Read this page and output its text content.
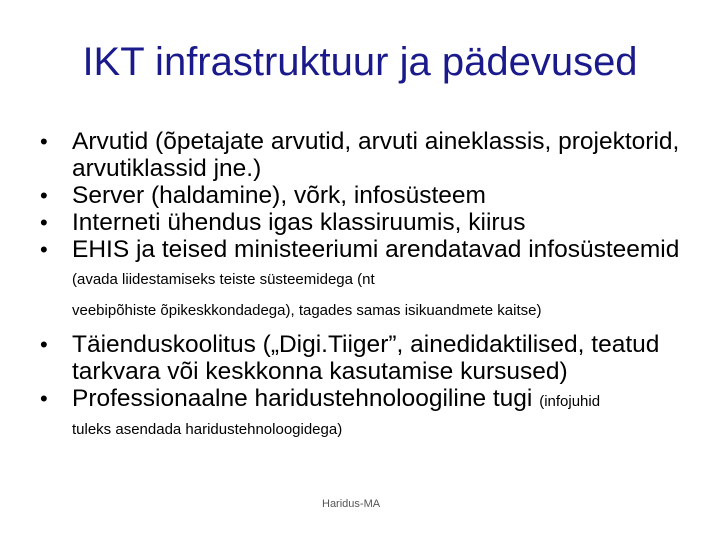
IKT infrastruktuur ja pädevused
• Arvutid (õpetajate arvutid, arvuti aineklassis, projektorid, arvutiklassid jne.)
• Server (haldamine), võrk, infosüsteem
• Interneti ühendus igas klassiruumis, kiirus
• EHIS ja teised ministeeriumi arendatavad infosüsteemid (avada liidestamiseks teiste süsteemidega (nt
veebipõhiste õpikeskkondadega), tagades samas isikuandmete kaitse)
• Täienduskoolitus („Digi.Tiiger”, ainedidaktilised, teatud tarkvara või keskkonna kasutamise kursused)
• Professionaalne haridustehnoloogiline tugi (infojuhid
tuleks asendada haridustehnoloogidega)
Haridus-MA
